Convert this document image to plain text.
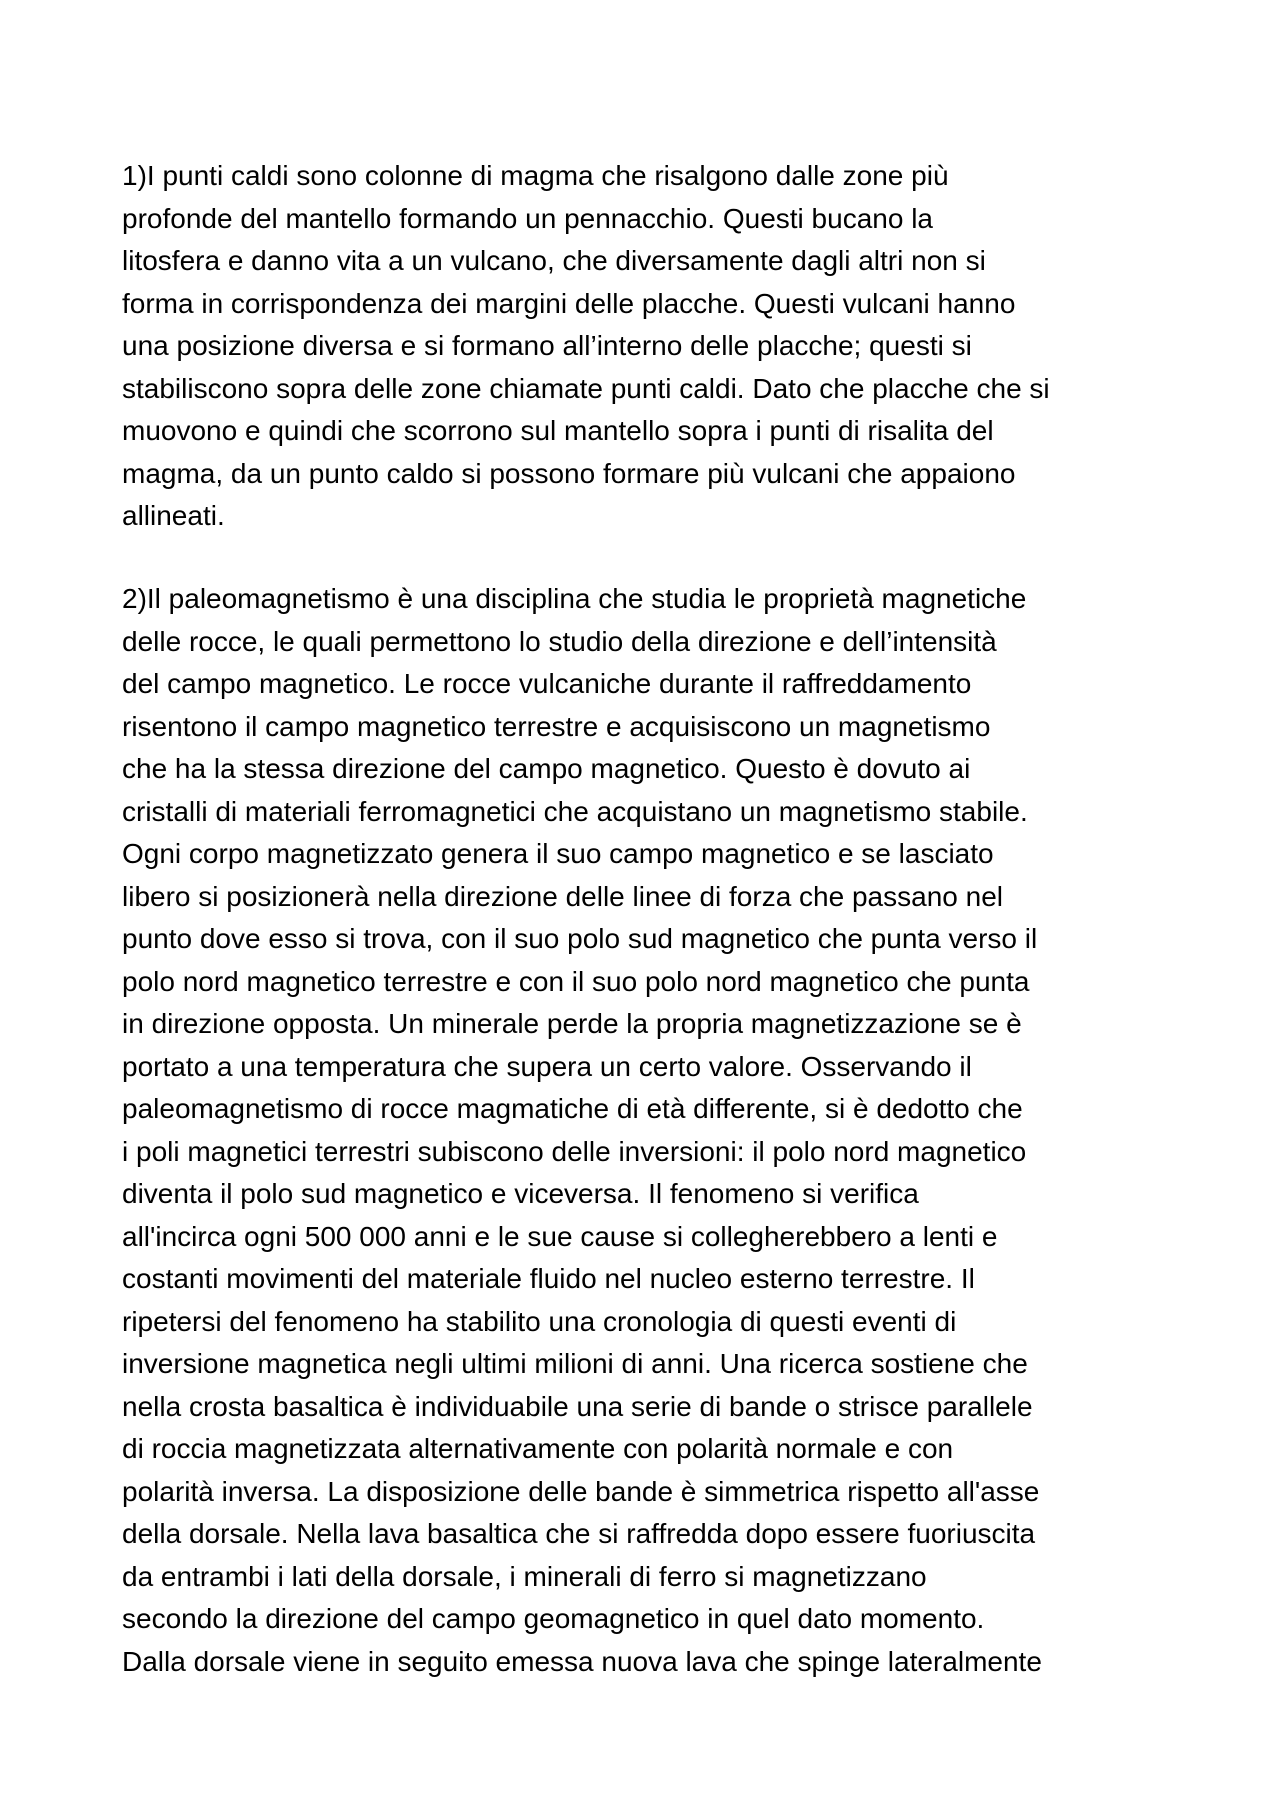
1)I punti caldi sono colonne di magma che risalgono dalle zone più
profonde del mantello formando un pennacchio. Questi bucano la
litosfera e danno vita a un vulcano, che diversamente dagli altri non si
forma in corrispondenza dei margini delle placche. Questi vulcani hanno
una posizione diversa e si formano all’interno delle placche; questi si
stabiliscono sopra delle zone chiamate punti caldi. Dato che placche che si
muovono e quindi che scorrono sul mantello sopra i punti di risalita del
magma, da un punto caldo si possono formare più vulcani che appaiono
allineati.
2)Il paleomagnetismo è una disciplina che studia le proprietà magnetiche
delle rocce, le quali permettono lo studio della direzione e dell’intensità
del campo magnetico. Le rocce vulcaniche durante il raffreddamento
risentono il campo magnetico terrestre e acquisiscono un magnetismo
che ha la stessa direzione del campo magnetico. Questo è dovuto ai
cristalli di materiali ferromagnetici che acquistano un magnetismo stabile.
Ogni corpo magnetizzato genera il suo campo magnetico e se lasciato
libero si posizionerà nella direzione delle linee di forza che passano nel
punto dove esso si trova, con il suo polo sud magnetico che punta verso il
polo nord magnetico terrestre e con il suo polo nord magnetico che punta
in direzione opposta. Un minerale perde la propria magnetizzazione se è
portato a una temperatura che supera un certo valore. Osservando il
paleomagnetismo di rocce magmatiche di età differente, si è dedotto che
i poli magnetici terrestri subiscono delle inversioni: il polo nord magnetico
diventa il polo sud magnetico e viceversa. Il fenomeno si verifica
all'incirca ogni 500 000 anni e le sue cause si collegherebbero a lenti e
costanti movimenti del materiale fluido nel nucleo esterno terrestre. Il
ripetersi del fenomeno ha stabilito una cronologia di questi eventi di
inversione magnetica negli ultimi milioni di anni. Una ricerca sostiene che
nella crosta basaltica è individuabile una serie di bande o strisce parallele
di roccia magnetizzata alternativamente con polarità normale e con
polarità inversa. La disposizione delle bande è simmetrica rispetto all'asse
della dorsale. Nella lava basaltica che si raffredda dopo essere fuoriuscita
da entrambi i lati della dorsale, i minerali di ferro si magnetizzano
secondo la direzione del campo geomagnetico in quel dato momento.
Dalla dorsale viene in seguito emessa nuova lava che spinge lateralmente
